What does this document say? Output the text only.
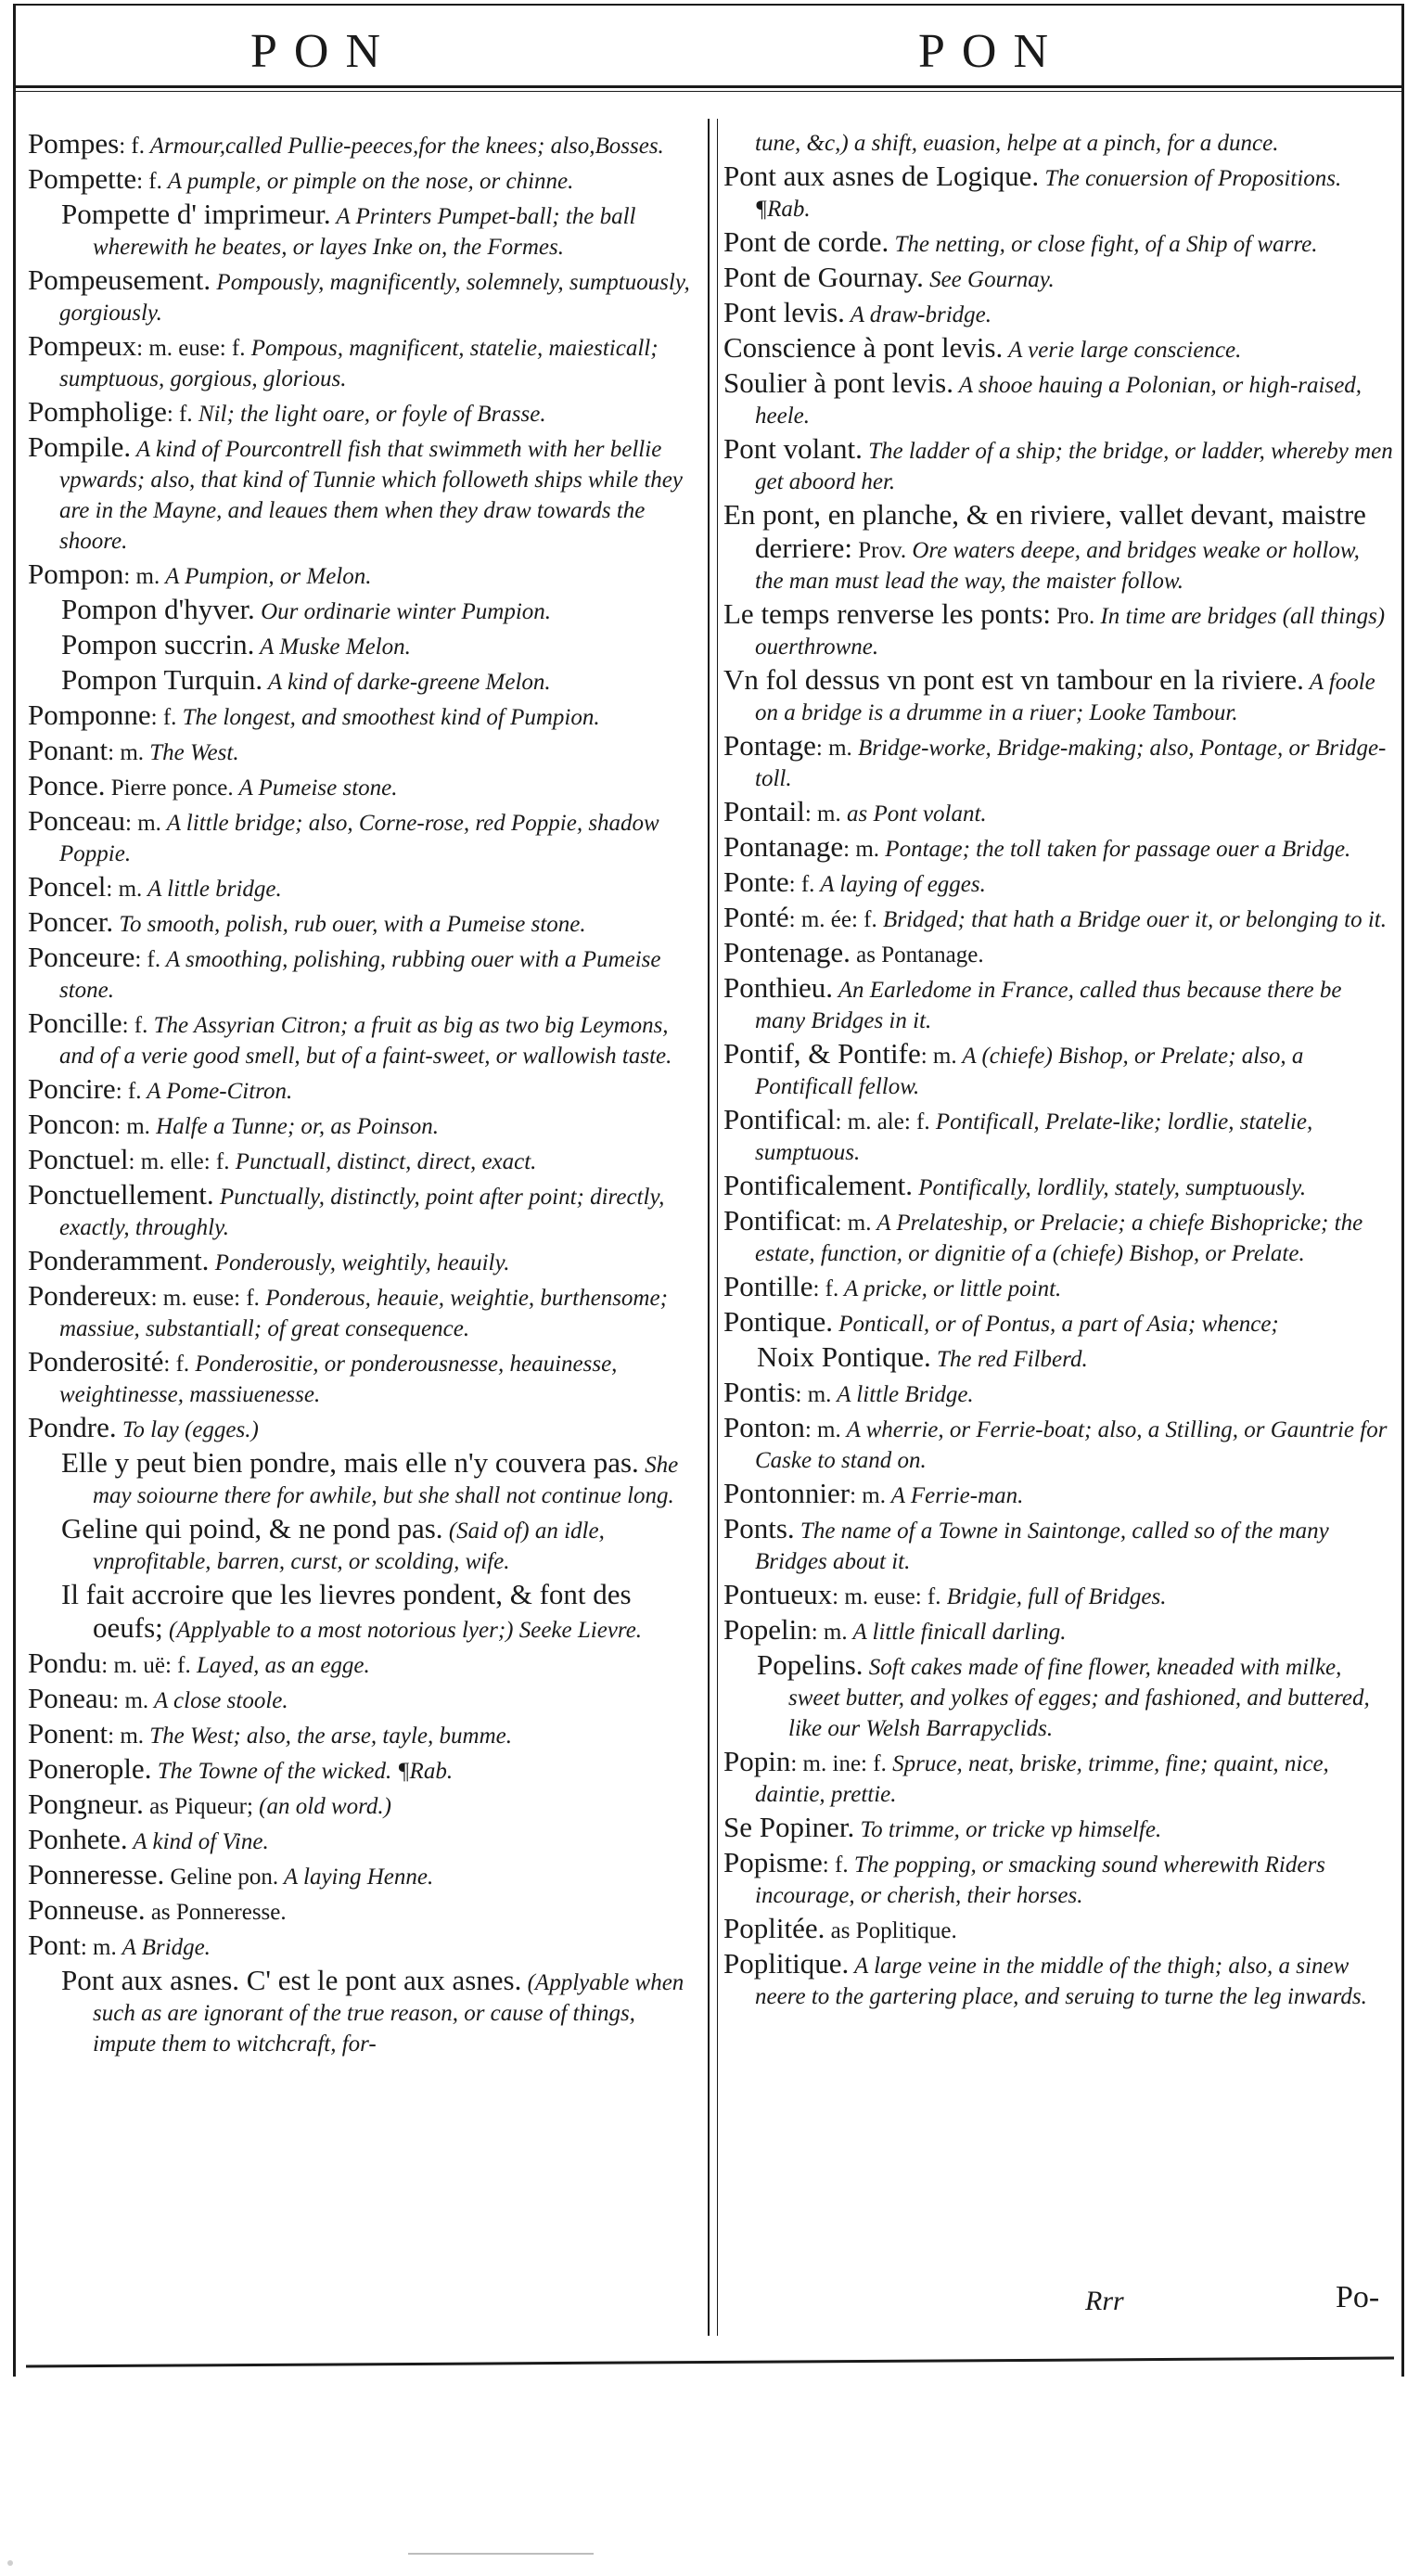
PON	PON
Pompes: f. Armour,called Pullie-peeces,for the knees; also,Bosses.
Pompette: f. A pumple, or pimple on the nose, or chinne.
Pompette d' imprimeur. A Printers Pumpet-ball; the ball wherewith he beates, or layes Inke on, the Formes.
Pompeusement. Pompously, magnificently, solemnely, sumptuously, gorgiously.
Pompeux: m. euse: f. Pompous, magnificent, statelie, maiesticall; sumptuous, gorgious, glorious.
Pompholige: f. Nil; the light oare, or foyle of Brasse.
Pompile. A kind of Pourcontrell fish that swimmeth with her bellie vpwards; also, that kind of Tunnie which followeth ships while they are in the Mayne, and leaues them when they draw towards the shoore.
Pompon: m. A Pumpion, or Melon.
Pompon d'hyver. Our ordinarie winter Pumpion.
Pompon succrin. A Muske Melon.
Pompon Turquin. A kind of darke-greene Melon.
Pomponne: f. The longest, and smoothest kind of Pumpion.
Ponant: m. The West.
Ponce. Pierre ponce. A Pumeise stone.
Ponceau: m. A little bridge; also, Corne-rose, red Poppie, shadow Poppie.
Poncel: m. A little bridge.
Poncer. To smooth, polish, rub ouer, with a Pumeise stone.
Ponceure: f. A smoothing, polishing, rubbing ouer with a Pumeise stone.
Poncille: f. The Assyrian Citron; a fruit as big as two big Leymons, and of a verie good smell, but of a faint-sweet, or wallowish taste.
Poncire: f. A Pome-Citron.
Poncon: m. Halfe a Tunne; or, as Poinson.
Ponctuel: m. elle: f. Punctuall, distinct, direct, exact.
Ponctuellement. Punctually, distinctly, point after point; directly, exactly, throughly.
Ponderamment. Ponderously, weightily, heauily.
Pondereux: m. euse: f. Ponderous, heauie, weightie, burthensome; massiue, substantiall; of great consequence.
Ponderosité: f. Ponderositie, or ponderousnesse, heauinesse, weightinesse, massiuenesse.
Pondre. To lay (egges.)
Elle y peut bien pondre, mais elle n'y couvera pas. She may soiourne there for awhile, but she shall not continue long.
Geline qui poind, & ne pond pas. (Said of) an idle, vnprofitable, barren, curst, or scolding, wife.
Il fait accroire que les lievres pondent, & font des oeufs; (Applyable to a most notorious lyer;) Seeke Lievre.
Pondu: m. uë: f. Layed, as an egge.
Poneau: m. A close stoole.
Ponent: m. The West; also, the arse, tayle, bumme.
Ponerople. The Towne of the wicked. ¶Rab.
Pongneur. as Piqueur; (an old word.)
Ponhete. A kind of Vine.
Ponneresse. Geline pon. A laying Henne.
Ponneuse. as Ponneresse.
Pont: m. A Bridge.
Pont aux asnes. C' est le pont aux asnes. (Applyable when such as are ignorant of the true reason, or cause of things, impute them to witchcraft, for-
tune, &c,) a shift, euasion, helpe at a pinch, for a dunce.
Pont aux asnes de Logique. The conuersion of Propositions. ¶Rab.
Pont de corde. The netting, or close fight, of a Ship of warre.
Pont de Gournay. See Gournay.
Pont levis. A draw-bridge.
Conscience à pont levis. A verie large conscience.
Soulier à pont levis. A shooe hauing a Polonian, or high-raised, heele.
Pont volant. The ladder of a ship; the bridge, or ladder, whereby men get aboord her.
En pont, en planche, & en riviere, vallet devant, maistre derriere: Prov. Ore waters deepe, and bridges weake or hollow, the man must lead the way, the maister follow.
Le temps renverse les ponts: Pro. In time are bridges (all things) ouerthrowne.
Vn fol dessus vn pont est vn tambour en la riviere. A foole on a bridge is a drumme in a riuer; Looke Tambour.
Pontage: m. Bridge-worke, Bridge-making; also, Pontage, or Bridge-toll.
Pontail: m. as Pont volant.
Pontanage: m. Pontage; the toll taken for passage ouer a Bridge.
Ponte: f. A laying of egges.
Ponté: m. ée: f. Bridged; that hath a Bridge ouer it, or belonging to it.
Pontenage. as Pontanage.
Ponthieu. An Earledome in France, called thus because there be many Bridges in it.
Pontif, & Pontife: m. A (chiefe) Bishop, or Prelate; also, a Pontificall fellow.
Pontifical: m. ale: f. Pontificall, Prelate-like; lordlie, statelie, sumptuous.
Pontificalement. Pontifically, lordlily, stately, sumptuously.
Pontificat: m. A Prelateship, or Prelacie; a chiefe Bishopricke; the estate, function, or dignitie of a (chiefe) Bishop, or Prelate.
Pontille: f. A pricke, or little point.
Pontique. Ponticall, or of Pontus, a part of Asia; whence;
Noix Pontique. The red Filberd.
Pontis: m. A little Bridge.
Ponton: m. A wherrie, or Ferrie-boat; also, a Stilling, or Gauntrie for Caske to stand on.
Pontonnier: m. A Ferrie-man.
Ponts. The name of a Towne in Saintonge, called so of the many Bridges about it.
Pontueux: m. euse: f. Bridgie, full of Bridges.
Popelin: m. A little finicall darling.
Popelins. Soft cakes made of fine flower, kneaded with milke, sweet butter, and yolkes of egges; and fashioned, and buttered, like our Welsh Barrapyclids.
Popin: m. ine: f. Spruce, neat, briske, trimme, fine; quaint, nice, daintie, prettie.
Se Popiner. To trimme, or tricke vp himselfe.
Popisme: f. The popping, or smacking sound wherewith Riders incourage, or cherish, their horses.
Poplitée. as Poplitique.
Poplitique. A large veine in the middle of the thigh; also, a sinew neere to the gartering place, and seruing to turne the leg inwards.
Rrr	Po-
